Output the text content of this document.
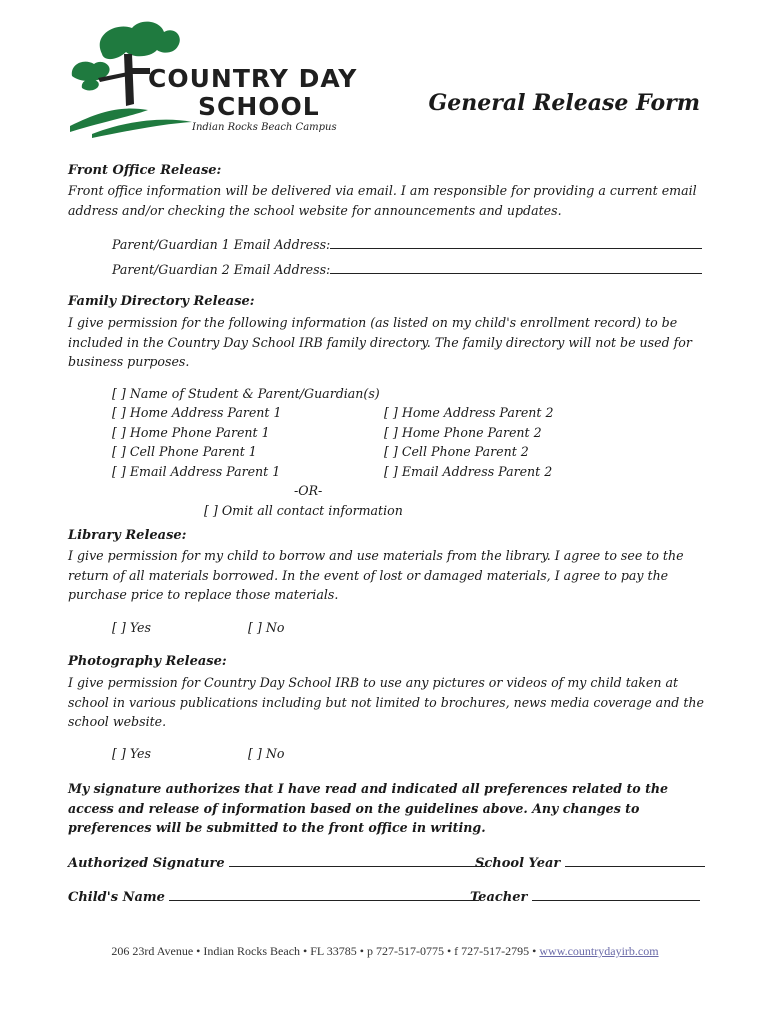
COUNTRY DAY
SCHOOL
Indian Rocks Beach Campus
General Release Form
Front Office Release:
Front office information will be delivered via email. I am responsible for providing a current email address and/or checking the school website for announcements and updates.
Parent/Guardian 1 Email Address:
Parent/Guardian 2 Email Address:
Family Directory Release:
I give permission for the following information (as listed on my child's enrollment record) to be included in the Country Day School IRB family directory. The family directory will not be used for business purposes.
[ ] Name of Student & Parent/Guardian(s)
[ ] Home Address Parent 1	[ ] Home Address Parent 2
[ ] Home Phone Parent 1	[ ] Home Phone Parent 2
[ ] Cell Phone Parent 1	[ ] Cell Phone Parent 2
[ ] Email Address Parent 1	[ ] Email Address Parent 2
-OR-
[ ] Omit all contact information
Library Release:
I give permission for my child to borrow and use materials from the library. I agree to see to the return of all materials borrowed. In the event of lost or damaged materials, I agree to pay the purchase price to replace those materials.
[ ] Yes	[ ] No
Photography Release:
I give permission for Country Day School IRB to use any pictures or videos of my child taken at school in various publications including but not limited to brochures, news media coverage and the school website.
[ ] Yes	[ ] No
My signature authorizes that I have read and indicated all preferences related to the access and release of information based on the guidelines above. Any changes to preferences will be submitted to the front office in writing.
Authorized Signature	School Year
Child's Name	Teacher
206 23rd Avenue • Indian Rocks Beach • FL 33785 • p 727-517-0775 • f 727-517-2795 • www.countrydayirb.com
